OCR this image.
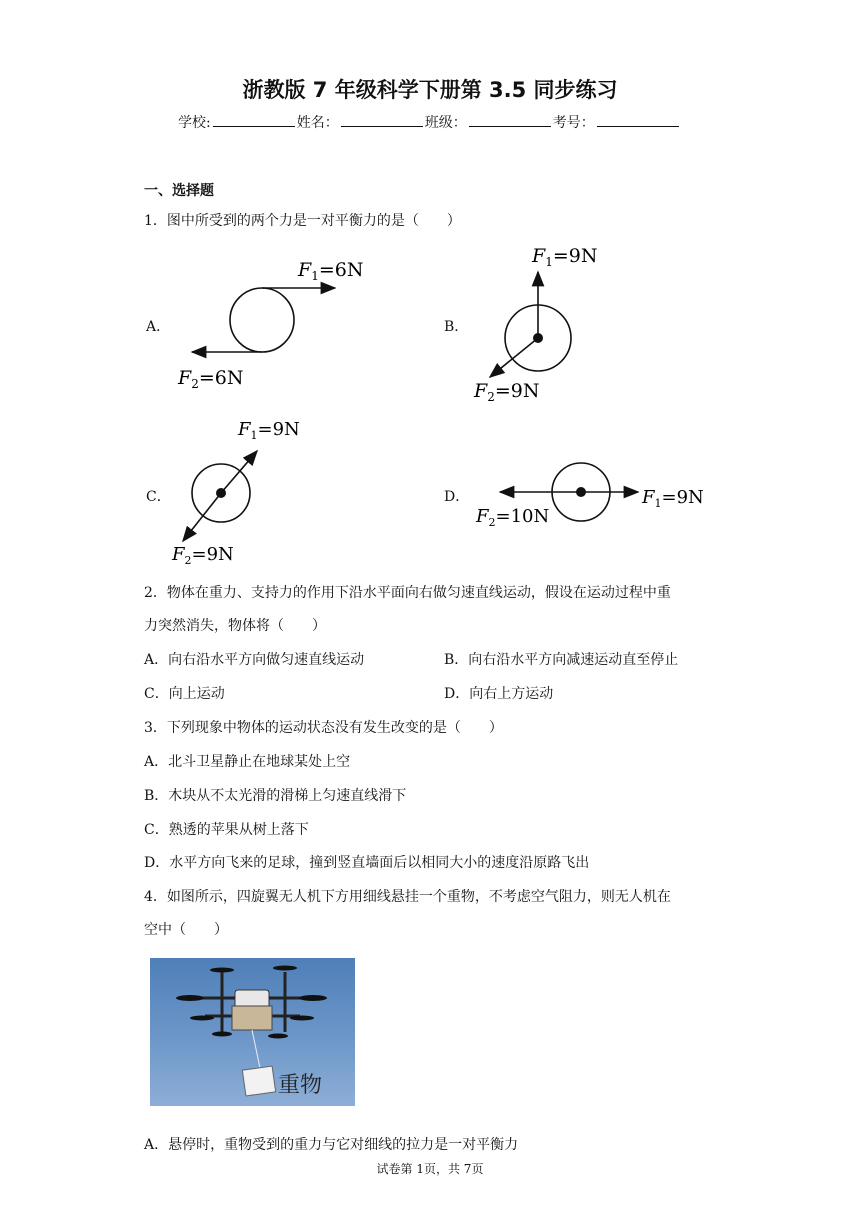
浙教版 7 年级科学下册第 3.5 同步练习
学校:	姓名：	班级：	考号：
一、选择题
1．图中所受到的两个力是一对平衡力的是（　　）
A．	B．
C．	D．
$F_1=6N$
$F_2=6N$
$F_1=9N$
$F_2=9N$
$F_1=9N$
$F_2=9N$
$F_1=9N$
$F_2=10N$
2．物体在重力、支持力的作用下沿水平面向右做匀速直线运动，假设在运动过程中重
力突然消失，物体将（　　）
A．向右沿水平方向做匀速直线运动	B．向右沿水平方向减速运动直至停止
C．向上运动	D．向右上方运动
3．下列现象中物体的运动状态没有发生改变的是（　　）
A．北斗卫星静止在地球某处上空
B．木块从不太光滑的滑梯上匀速直线滑下
C．熟透的苹果从树上落下
D．水平方向飞来的足球，撞到竖直墙面后以相同大小的速度沿原路飞出
4．如图所示，四旋翼无人机下方用细线悬挂一个重物，不考虑空气阻力，则无人机在
空中（　　）
重物
A．悬停时，重物受到的重力与它对细线的拉力是一对平衡力
试卷第 1页，共 7页
